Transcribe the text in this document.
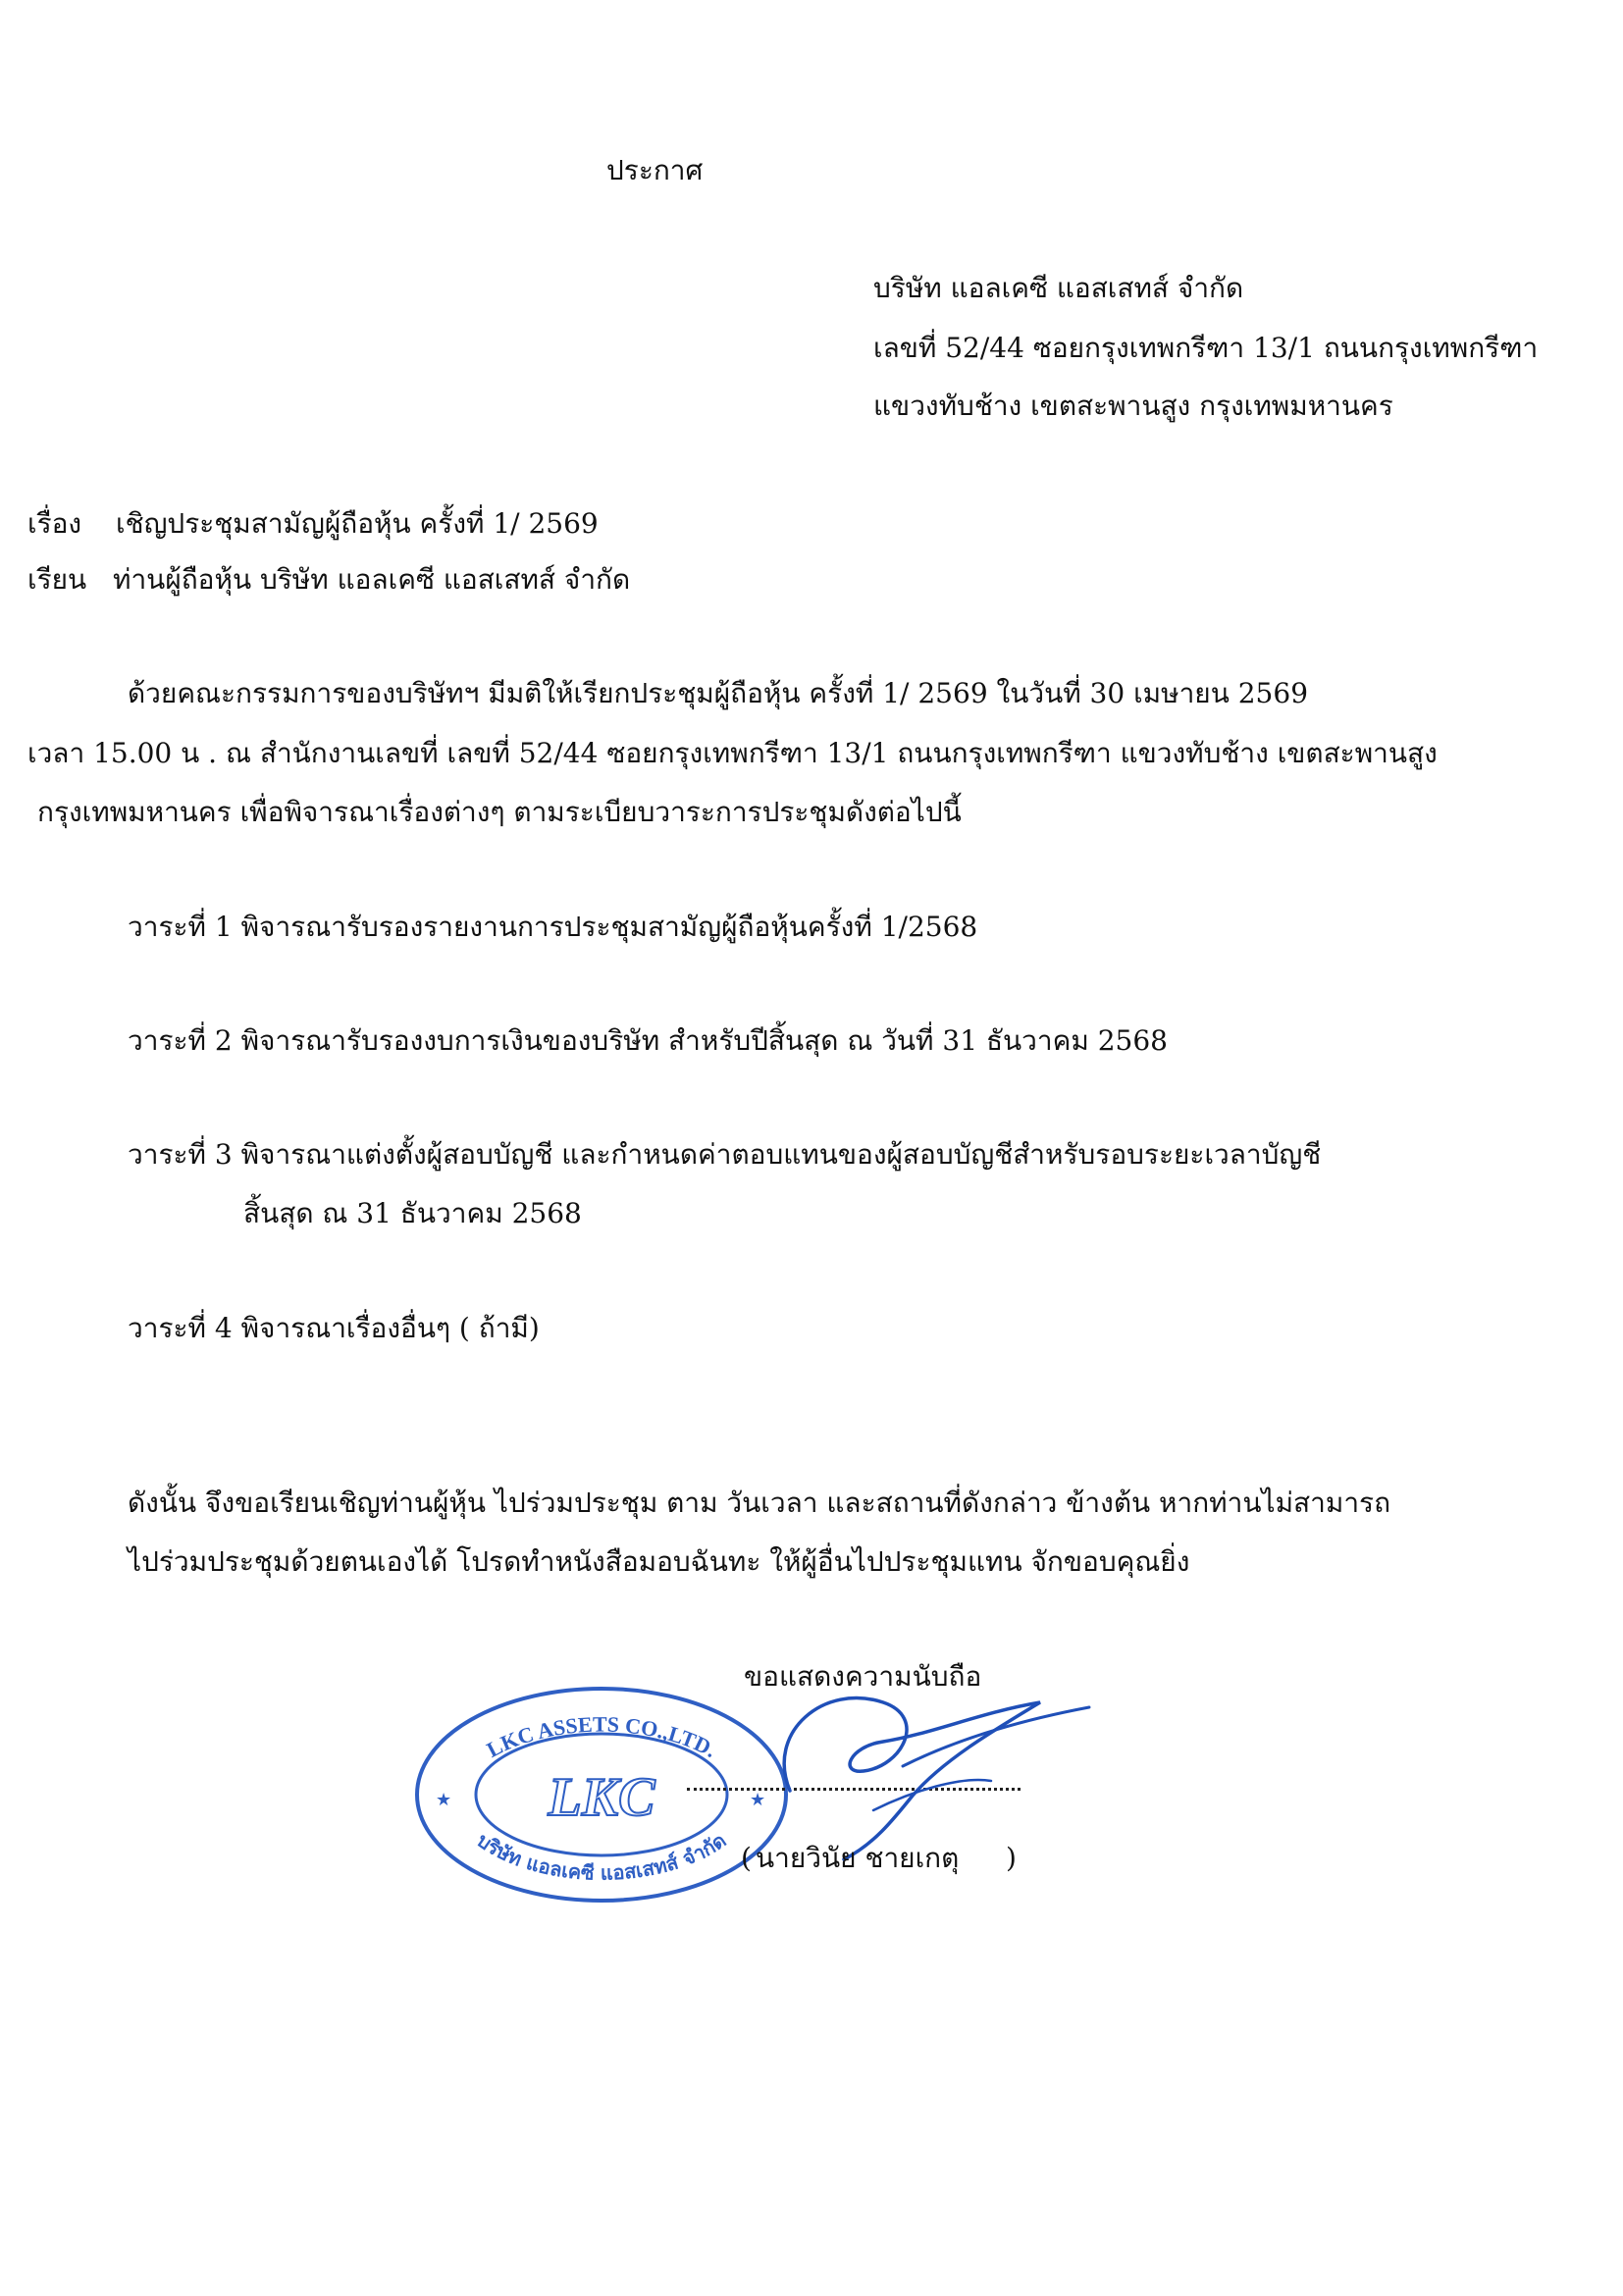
ประกาศ
บริษัท แอลเคซี แอสเสทส์ จำกัด
เลขที่ 52/44 ซอยกรุงเทพกรีฑา 13/1 ถนนกรุงเทพกรีฑา
แขวงทับช้าง เขตสะพานสูง กรุงเทพมหานคร
เรื่อง เชิญประชุมสามัญผู้ถือหุ้น ครั้งที่ 1/ 2569
เรียน ท่านผู้ถือหุ้น บริษัท แอลเคซี แอสเสทส์ จำกัด
ด้วยคณะกรรมการของบริษัทฯ มีมติให้เรียกประชุมผู้ถือหุ้น ครั้งที่ 1/ 2569 ในวันที่ 30 เมษายน 2569
เวลา 15.00 น . ณ สำนักงานเลขที่ เลขที่ 52/44 ซอยกรุงเทพกรีฑา 13/1 ถนนกรุงเทพกรีฑา แขวงทับช้าง เขตสะพานสูง
กรุงเทพมหานคร เพื่อพิจารณาเรื่องต่างๆ ตามระเบียบวาระการประชุมดังต่อไปนี้
วาระที่ 1 พิจารณารับรองรายงานการประชุมสามัญผู้ถือหุ้นครั้งที่ 1/2568
วาระที่ 2 พิจารณารับรองงบการเงินของบริษัท สำหรับปีสิ้นสุด ณ วันที่ 31 ธันวาคม 2568
วาระที่ 3 พิจารณาแต่งตั้งผู้สอบบัญชี และกำหนดค่าตอบแทนของผู้สอบบัญชีสำหรับรอบระยะเวลาบัญชี
สิ้นสุด ณ 31 ธันวาคม 2568
วาระที่ 4 พิจารณาเรื่องอื่นๆ ( ถ้ามี)
ดังนั้น จึงขอเรียนเชิญท่านผู้หุ้น ไปร่วมประชุม ตาม วันเวลา และสถานที่ดังกล่าว ข้างต้น หากท่านไม่สามารถ
ไปร่วมประชุมด้วยตนเองได้ โปรดทำหนังสือมอบฉันทะ ให้ผู้อื่นไปประชุมแทน จักขอบคุณยิ่ง
ขอแสดงความนับถือ
★	★
LKC ASSETS CO.,LTD.
บริษัท แอลเคซี แอสเสทส์ จำกัด
LKC
นายวินัย ชายเกตุ
(	)
